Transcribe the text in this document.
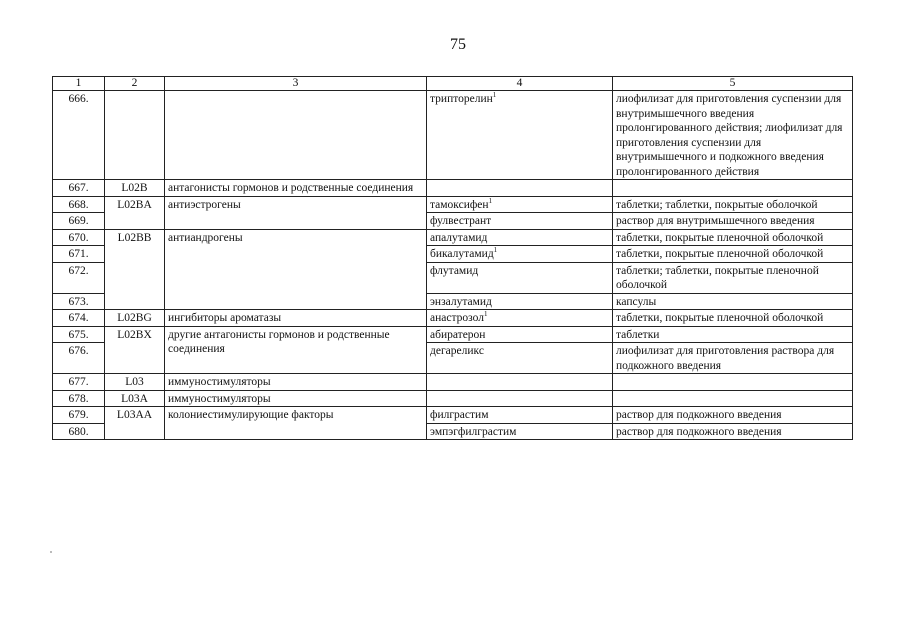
75
1	2	3	4	5
666.			трипторелин$^1$	лиофилизат для приготовления суспензии для внутримышечного введения пролонгированного действия; лиофилизат для приготовления суспензии для внутримышечного и подкожного введения пролонгированного действия
667.	L02B	антагонисты гормонов и родственные соединения		
668.	L02BA	антиэстрогены	тамоксифен$^1$	таблетки; таблетки, покрытые оболочкой
669.			фулвестрант	раствор для внутримышечного введения
670.	L02BB	антиандрогены	апалутамид	таблетки, покрытые пленочной оболочкой
671.			бикалутамид$^1$	таблетки, покрытые пленочной оболочкой
672.			флутамид	таблетки; таблетки, покрытые пленочной оболочкой
673.			энзалутамид	капсулы
674.	L02BG	ингибиторы ароматазы	анастрозол$^1$	таблетки, покрытые пленочной оболочкой
675.	L02BX	другие антагонисты гормонов и родственные соединения	абиратерон	таблетки
676.			дегареликс	лиофилизат для приготовления раствора для подкожного введения
677.	L03	иммуностимуляторы		
678.	L03A	иммуностимуляторы		
679.	L03AA	колониестимулирующие факторы	филграстим	раствор для подкожного введения
680.			эмпэгфилграстим	раствор для подкожного введения
